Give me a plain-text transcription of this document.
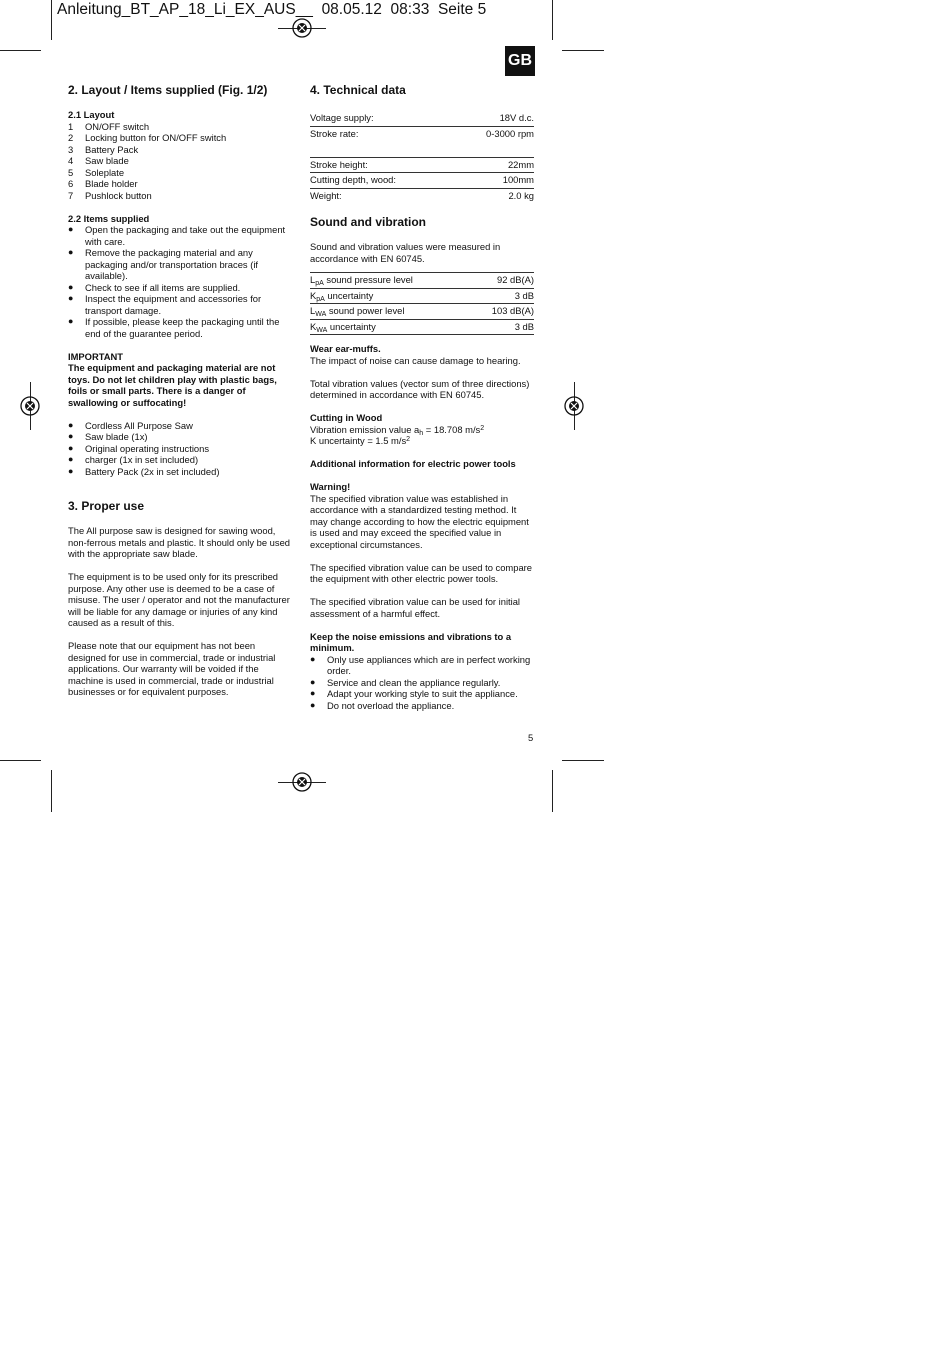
Anleitung_BT_AP_18_Li_EX_AUS__ 08.05.12 08:33 Seite 5
GB
2. Layout / Items supplied (Fig. 1/2)

2.1 Layout

1	ON/OFF switch
2	Locking button for ON/OFF switch
3	Battery Pack
4	Saw blade
5	Soleplate
6	Blade holder
7	Pushlock button

2.2 Items supplied

●	Open the packaging and take out the equipment with care.
●	Remove the packaging material and any packaging and/or transportation braces (if available).
●	Check to see if all items are supplied.
●	Inspect the equipment and accessories for transport damage.
●	If possible, please keep the packaging until the end of the guarantee period.

IMPORTANT

The equipment and packaging material are not toys. Do not let children play with plastic bags, foils or small parts. There is a danger of swallowing or suffocating!

●	Cordless All Purpose Saw
●	Saw blade (1x)
●	Original operating instructions
●	charger (1x in set included)
●	Battery Pack (2x in set included)
3. Proper use

The All purpose saw is designed for sawing wood, non-ferrous metals and plastic. It should only be used with the appropriate saw blade.

The equipment is to be used only for its prescribed purpose. Any other use is deemed to be a case of misuse. The user / operator and not the manufacturer will be liable for any damage or injuries of any kind caused as a result of this.

Please note that our equipment has not been designed for use in commercial, trade or industrial applications. Our warranty will be voided if the machine is used in commercial, trade or industrial businesses or for equivalent purposes.

4. Technical data
Voltage supply:	18V d.c.
Stroke rate:	0-3000 rpm
Stroke height:	22mm
Cutting depth, wood:	100mm
Weight:	2.0 kg
Sound and vibration

Sound and vibration values were measured in accordance with EN 60745.

$L_{pA}$ sound pressure level	92 dB(A)
$K_{pA}$ uncertainty	3 dB
$L_{WA}$ sound power level	103 dB(A)
$K_{WA}$ uncertainty	3 dB

Wear ear-muffs.

The impact of noise can cause damage to hearing.

Total vibration values (vector sum of three directions) determined in accordance with EN 60745.

Cutting in Wood

Vibration emission value $a_h = 18.708$ $m/s^2$

K uncertainty = 1.5 $m/s^2$

Additional information for electric power tools

Warning!

The specified vibration value was established in accordance with a standardized testing method. It may change according to how the electric equipment is used and may exceed the specified value in exceptional circumstances.

The specified vibration value can be used to compare the equipment with other electric power tools.

The specified vibration value can be used for initial assessment of a harmful effect.

Keep the noise emissions and vibrations to a minimum.

●	Only use appliances which are in perfect working order.
●	Service and clean the appliance regularly.
●	Adapt your working style to suit the appliance.
●	Do not overload the appliance.
5
